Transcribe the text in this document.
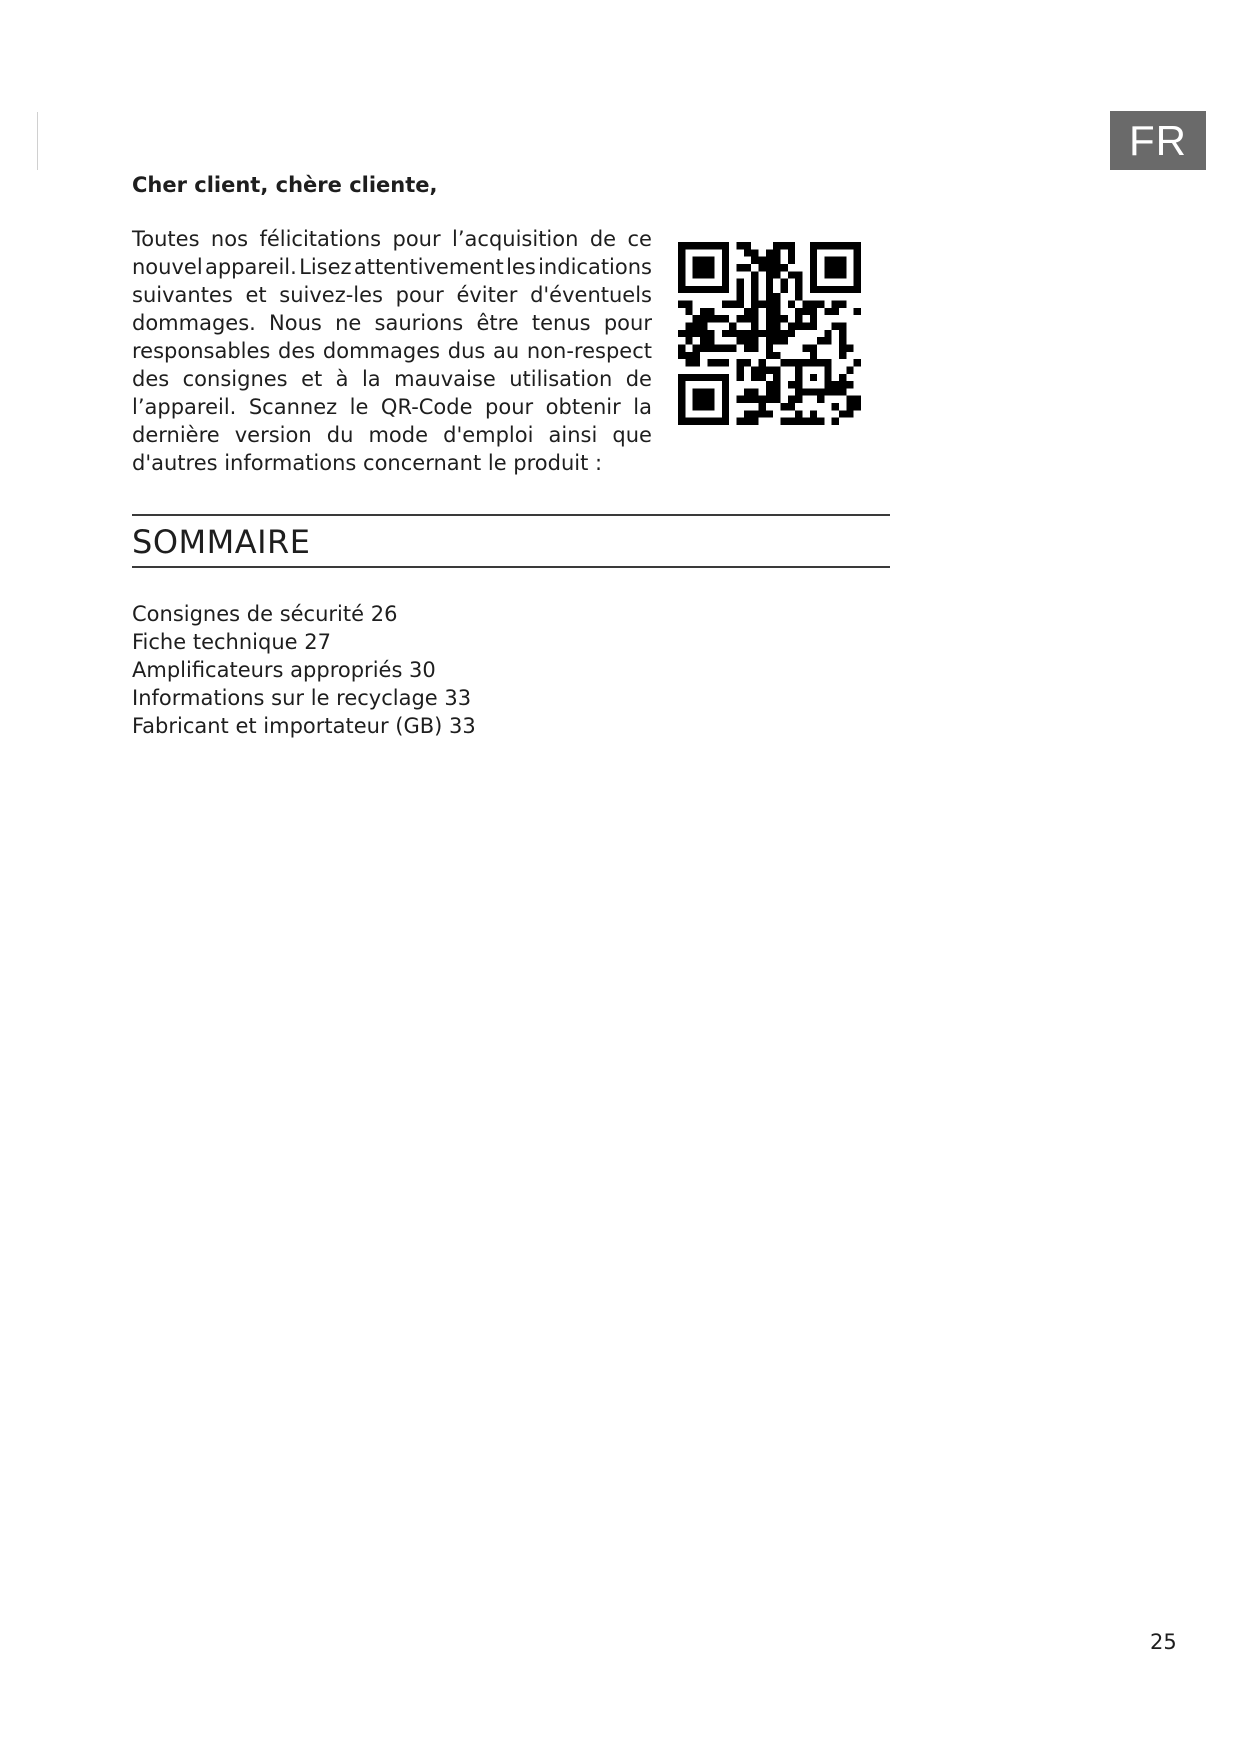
FR
Cher client, chère cliente,
Toutes nos félicitations pour l’acquisition de ce
nouvel appareil. Lisez attentivement les indications
suivantes et suivez-les pour éviter d'éventuels
dommages. Nous ne saurions être tenus pour
responsables des dommages dus au non-respect
des consignes et à la mauvaise utilisation de
l’appareil. Scannez le QR-Code pour obtenir la
dernière version du mode d'emploi ainsi que
d'autres informations concernant le produit :
SOMMAIRE
Consignes de sécurité 26
Fiche technique 27
Amplificateurs appropriés 30
Informations sur le recyclage 33
Fabricant et importateur (GB) 33
25
